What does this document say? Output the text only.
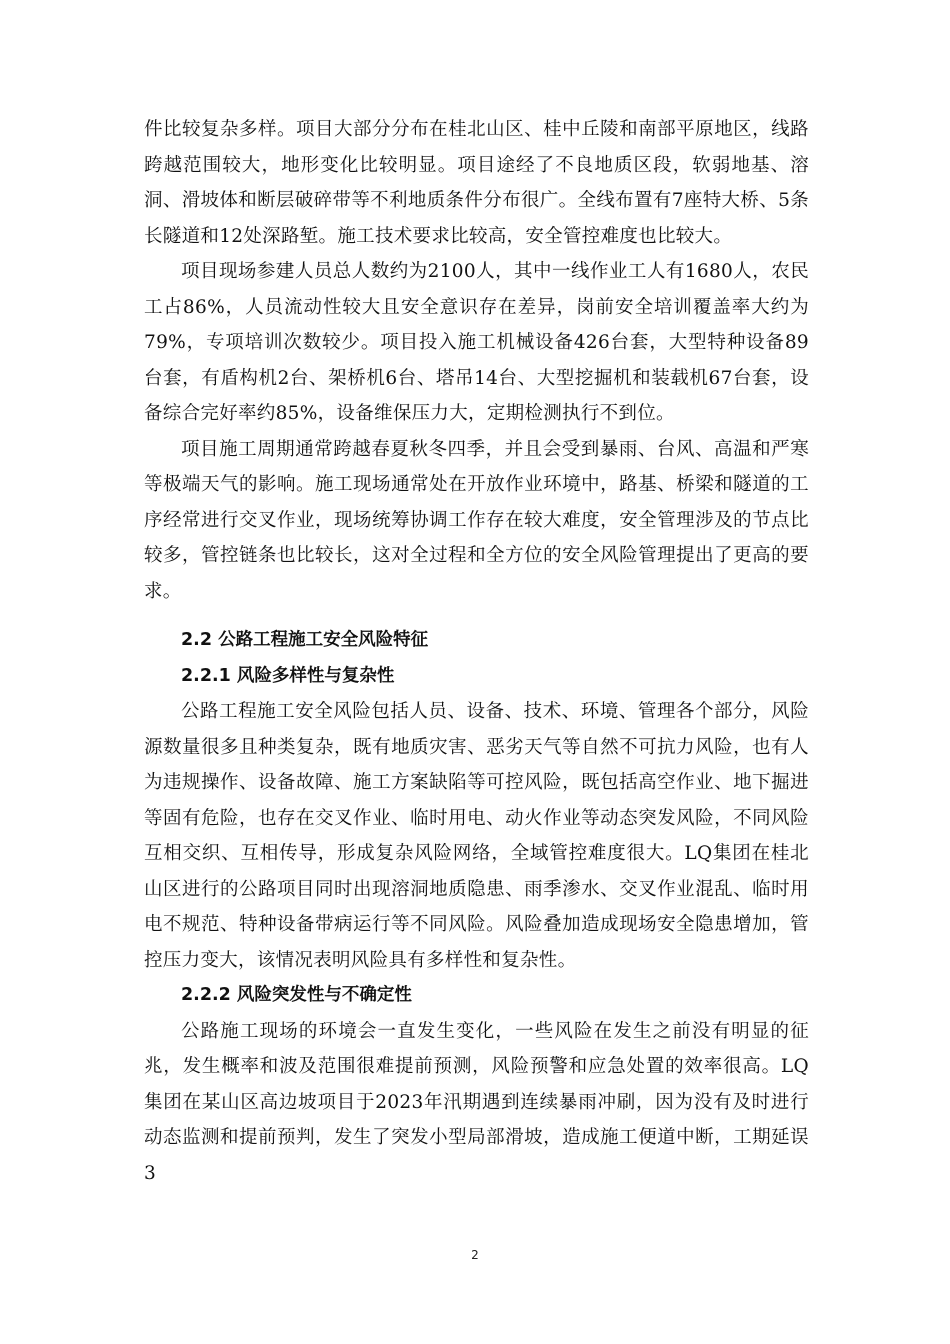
件比较复杂多样。项目大部分分布在桂北山区、桂中丘陵和南部平原地区，线路跨越范围较大，地形变化比较明显。项目途经了不良地质区段，软弱地基、溶洞、滑坡体和断层破碎带等不利地质条件分布很广。全线布置有7座特大桥、5条长隧道和12处深路堑。施工技术要求比较高，安全管控难度也比较大。

项目现场参建人员总人数约为2100人，其中一线作业工人有1680人，农民工占86%，人员流动性较大且安全意识存在差异，岗前安全培训覆盖率大约为79%，专项培训次数较少。项目投入施工机械设备426台套，大型特种设备89台套，有盾构机2台、架桥机6台、塔吊14台、大型挖掘机和装载机67台套，设备综合完好率约85%，设备维保压力大，定期检测执行不到位。

项目施工周期通常跨越春夏秋冬四季，并且会受到暴雨、台风、高温和严寒等极端天气的影响。施工现场通常处在开放作业环境中，路基、桥梁和隧道的工序经常进行交叉作业，现场统筹协调工作存在较大难度，安全管理涉及的节点比较多，管控链条也比较长，这对全过程和全方位的安全风险管理提出了更高的要求。

2.2 公路工程施工安全风险特征
2.2.1 风险多样性与复杂性

公路工程施工安全风险包括人员、设备、技术、环境、管理各个部分，风险源数量很多且种类复杂，既有地质灾害、恶劣天气等自然不可抗力风险，也有人为违规操作、设备故障、施工方案缺陷等可控风险，既包括高空作业、地下掘进等固有危险，也存在交叉作业、临时用电、动火作业等动态突发风险，不同风险互相交织、互相传导，形成复杂风险网络，全域管控难度很大。LQ集团在桂北山区进行的公路项目同时出现溶洞地质隐患、雨季渗水、交叉作业混乱、临时用电不规范、特种设备带病运行等不同风险。风险叠加造成现场安全隐患增加，管控压力变大，该情况表明风险具有多样性和复杂性。

2.2.2 风险突发性与不确定性

公路施工现场的环境会一直发生变化，一些风险在发生之前没有明显的征兆，发生概率和波及范围很难提前预测，风险预警和应急处置的效率很高。LQ集团在某山区高边坡项目于2023年汛期遇到连续暴雨冲刷，因为没有及时进行动态监测和提前预判，发生了突发小型局部滑坡，造成施工便道中断，工期延误3

2
